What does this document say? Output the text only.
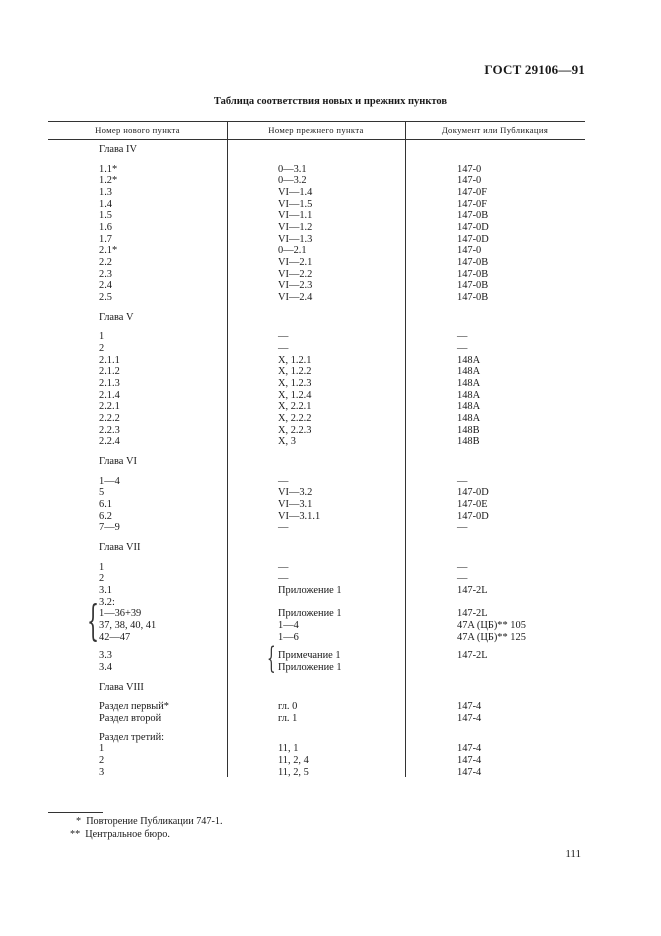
ГОСТ 29106—91
Таблица соответствия новых и прежних пунктов
Номер нового пункта	Номер прежнего пункта	Документ или Публикация
Глава IV
1.1*	0—3.1	147-0
1.2*	0—3.2	147-0
1.3	VI—1.4	147-0F
1.4	VI—1.5	147-0F
1.5	VI—1.1	147-0B
1.6	VI—1.2	147-0D
1.7	VI—1.3	147-0D
2.1*	0—2.1	147-0
2.2	VI—2.1	147-0B
2.3	VI—2.2	147-0B
2.4	VI—2.3	147-0B
2.5	VI—2.4	147-0B
Глава V
1	—	—
2	—	—
2.1.1	X, 1.2.1	148A
2.1.2	X, 1.2.2	148A
2.1.3	X, 1.2.3	148A
2.1.4	X, 1.2.4	148A
2.2.1	X, 2.2.1	148A
2.2.2	X, 2.2.2	148A
2.2.3	X, 2.2.3	148B
2.2.4	X, 3	148B
Глава VI
1—4	—	—
5	VI—3.2	147-0D
6.1	VI—3.1	147-0E
6.2	VI—3.1.1	147-0D
7—9	—	—
Глава VII
1	—	—
2	—	—
3.1	Приложение 1	147-2L
3.2:
1—36+39	Приложение 1	147-2L
37, 38, 40, 41	1—4	47A (ЦБ)** 105
42—47	1—6	47A (ЦБ)** 125
3.3	Примечание 1	147-2L
3.4	Приложение 1
Глава VIII
Раздел первый*	гл. 0	147-4
Раздел второй	гл. 1	147-4
Раздел третий:
1	11, 1	147-4
2	11, 2, 4	147-4
3	11, 2, 5	147-4
{
{
* Повторение Публикации 747-1.
** Центральное бюро.
111
